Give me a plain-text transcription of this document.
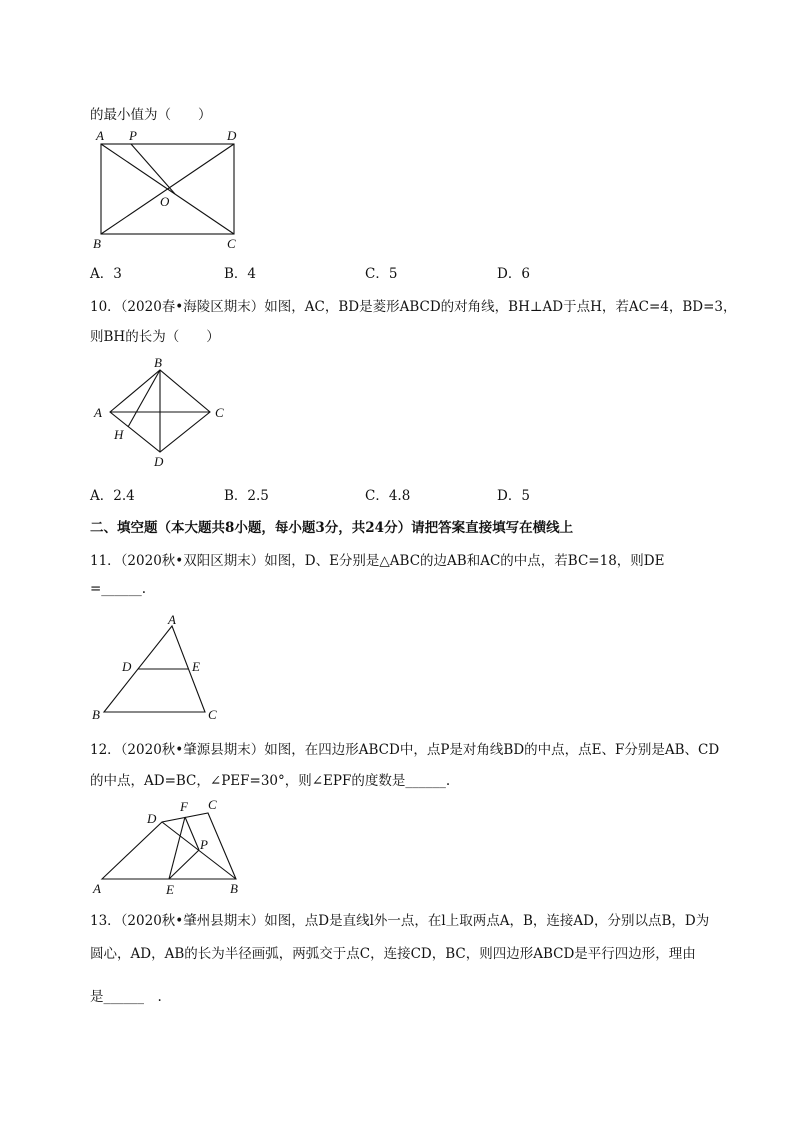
的最小值为（　　）
A P	D
O
B	C
A．3	B．4	C．5	D．6
10．（2020春•海陵区期末）如图，AC，BD是菱形ABCD的对角线，BH⊥AD于点H，若AC=4，BD=3，
则BH的长为（　　）
B
A	C
H
D
A．2.4	B．2.5	C．4.8	D．5
二、填空题（本大题共8小题，每小题3分，共24分）请把答案直接填写在横线上
11．（2020秋•双阳区期末）如图，D、E分别是△ABC的边AB和AC的中点，若BC=18，则DE
=______.
A
D	E
B	C
12．（2020秋•肇源县期末）如图，在四边形ABCD中，点P是对角线BD的中点，点E、F分别是AB、CD
的中点，AD=BC，∠PEF=30°，则∠EPF的度数是______.
F C
D
P
A	E	B
13．（2020秋•肇州县期末）如图，点D是直线l外一点，在l上取两点A，B，连接AD，分别以点B，D为
圆心，AD，AB的长为半径画弧，两弧交于点C，连接CD，BC，则四边形ABCD是平行四边形，理由
是______　.
